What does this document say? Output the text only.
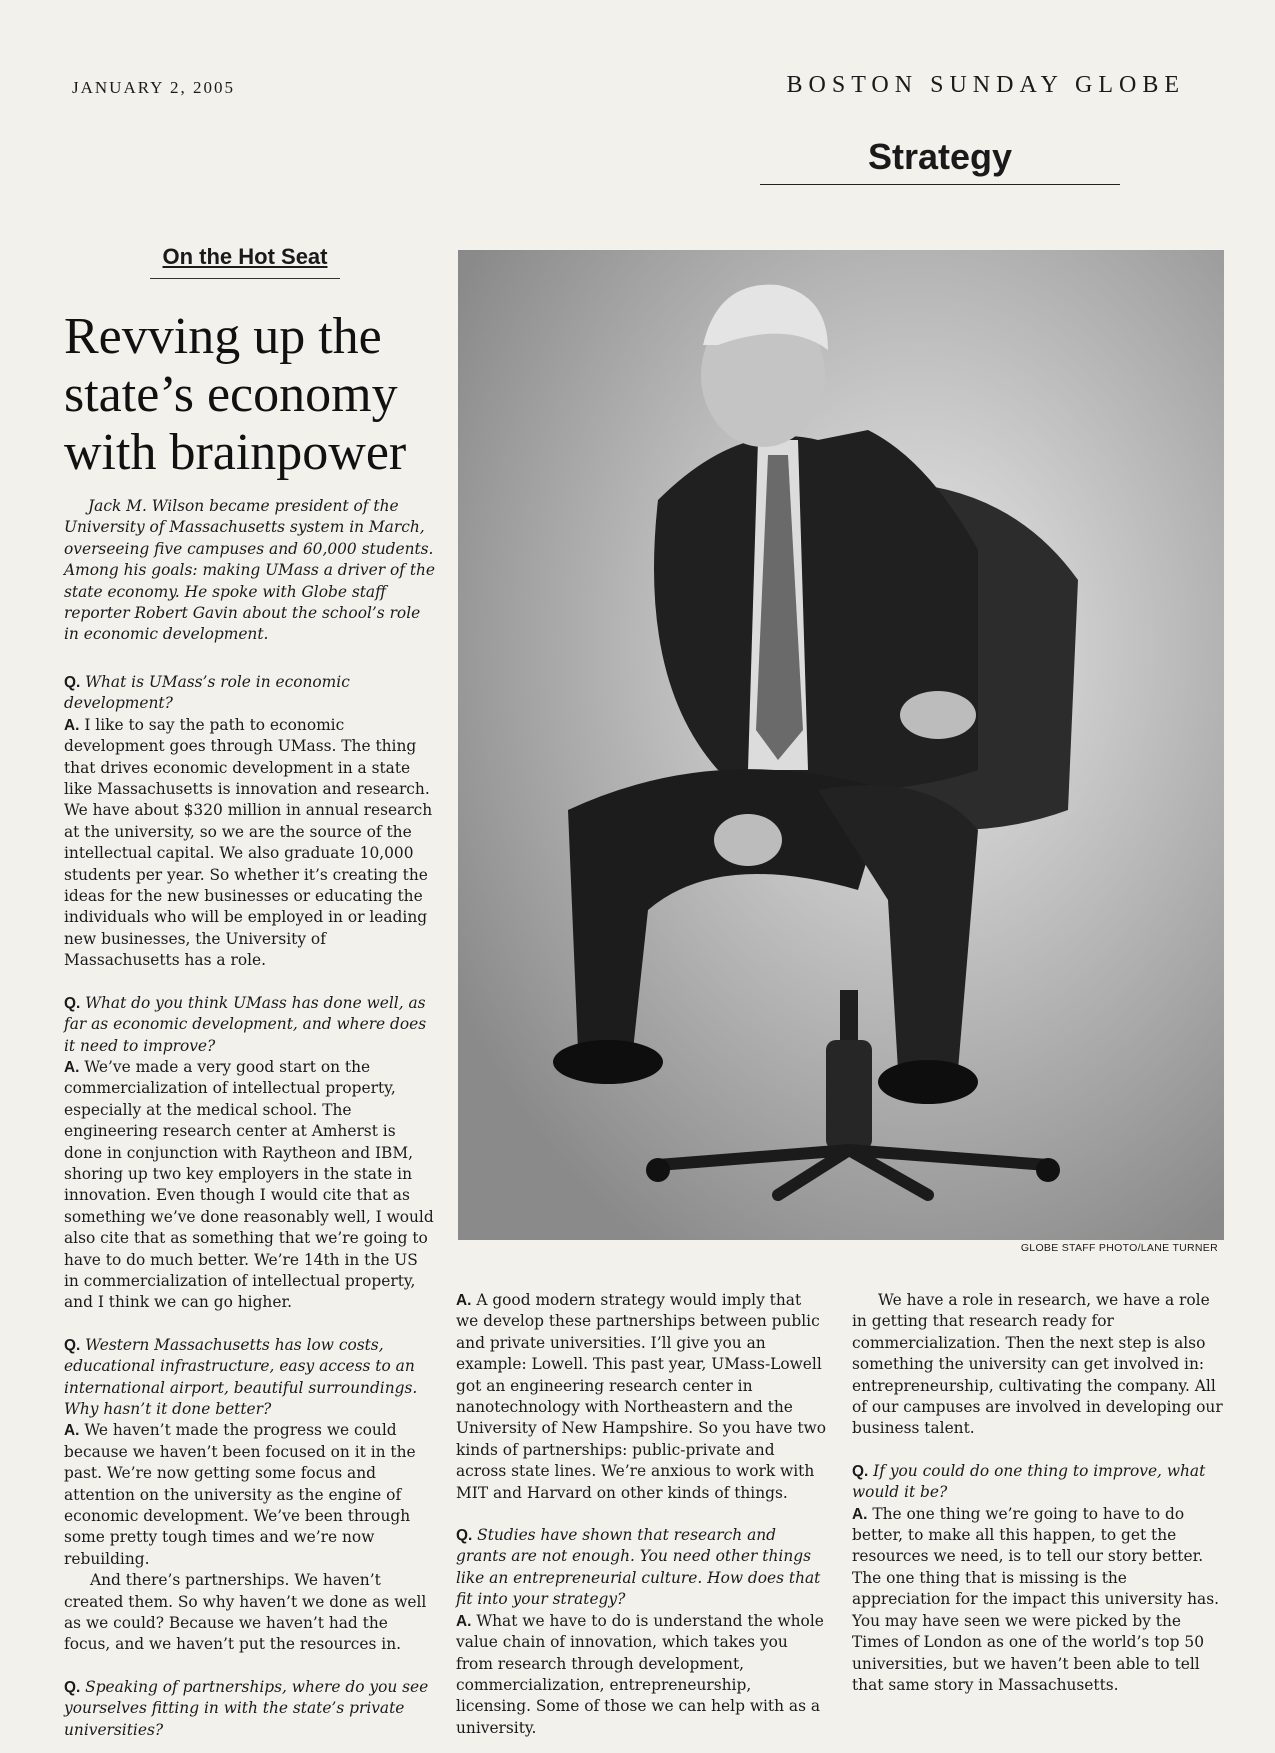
JANUARY 2, 2005	BOSTON SUNDAY GLOBE
Strategy
On the Hot Seat
Revving up the
state’s economy
with brainpower
Jack M. Wilson became president of the University of Massachusetts system in March, overseeing five campuses and 60,000 students. Among his goals: making UMass a driver of the state economy. He spoke with Globe staff reporter Robert Gavin about the school’s role in economic development.

Q. What is UMass’s role in economic development?

A. I like to say the path to economic development goes through UMass. The thing that drives economic development in a state like Massachusetts is innovation and research. We have about $320 million in annual research at the university, so we are the source of the intellectual capital. We also graduate 10,000 students per year. So whether it’s creating the ideas for the new businesses or educating the individuals who will be employed in or leading new businesses, the University of Massachusetts has a role.

Q. What do you think UMass has done well, as far as economic development, and where does it need to improve?

A. We’ve made a very good start on the commercialization of intellectual property, especially at the medical school. The engineering research center at Amherst is done in conjunction with Raytheon and IBM, shoring up two key employers in the state in innovation. Even though I would cite that as something we’ve done reasonably well, I would also cite that as something that we’re going to have to do much better. We’re 14th in the US in commercialization of intellectual property, and I think we can go higher.

Q. Western Massachusetts has low costs, educational infrastructure, easy access to an international airport, beautiful surroundings. Why hasn’t it done better?

A. We haven’t made the progress we could because we haven’t been focused on it in the past. We’re now getting some focus and attention on the university as the engine of economic development. We’ve been through some pretty tough times and we’re now rebuilding.

And there’s partnerships. We haven’t created them. So why haven’t we done as well as we could? Because we haven’t had the focus, and we haven’t put the resources in.

Q. Speaking of partnerships, where do you see yourselves fitting in with the state’s private universities?

GLOBE STAFF PHOTO/LANE TURNER

A. A good modern strategy would imply that we develop these partnerships between public and private universities. I’ll give you an example: Lowell. This past year, UMass-Lowell got an engineering research center in nanotechnology with Northeastern and the University of New Hampshire. So you have two kinds of partnerships: public-private and across state lines. We’re anxious to work with MIT and Harvard on other kinds of things.

Q. Studies have shown that research and grants are not enough. You need other things like an entrepreneurial culture. How does that fit into your strategy?

A. What we have to do is understand the whole value chain of innovation, which takes you from research through development, commercialization, entrepreneurship, licensing. Some of those we can help with as a university.

We have a role in research, we have a role in getting that research ready for commercialization. Then the next step is also something the university can get involved in: entrepreneurship, cultivating the company. All of our campuses are involved in developing our business talent.

Q. If you could do one thing to improve, what would it be?

A. The one thing we’re going to have to do better, to make all this happen, to get the resources we need, is to tell our story better. The one thing that is missing is the appreciation for the impact this university has. You may have seen we were picked by the Times of London as one of the world’s top 50 universities, but we haven’t been able to tell that same story in Massachusetts.
